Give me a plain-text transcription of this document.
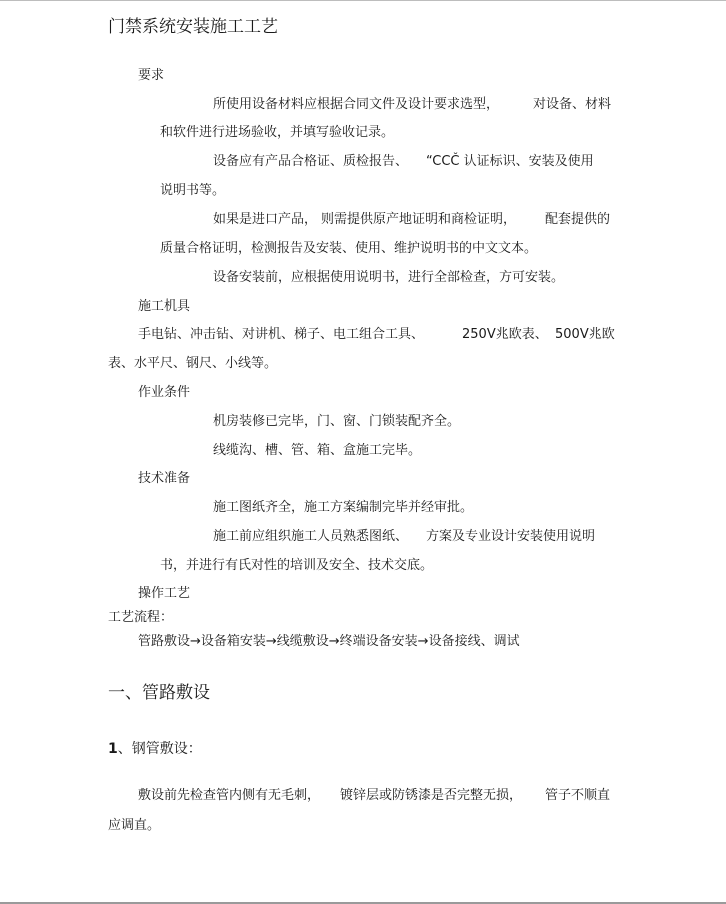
门禁系统安装施工工艺
要求
所使用设备材料应根据合同文件及设计要求选型，	对设备、材料
和软件进行进场验收，并填写验收记录。
设备应有产品合格证、质检报告、 “CCČ 认证标识、安装及使用
说明书等。
如果是进口产品， 则需提供原产地证明和商检证明， 配套提供的
质量合格证明，检测报告及安装、使用、维护说明书的中文文本。
设备安装前，应根据使用说明书，进行全部检查，方可安装。
施工机具
手电钻、冲击钻、对讲机、梯子、电工组合工具、	250V兆欧表、 500V兆欧
表、水平尺、钢尺、小线等。
作业条件
机房装修已完毕，门、窗、门锁装配齐全。
线缆沟、槽、管、箱、盒施工完毕。
技术准备
施工图纸齐全，施工方案编制完毕并经审批。
施工前应组织施工人员熟悉图纸、 方案及专业设计安装使用说明
书，并进行有氏对性的培训及安全、技术交底。
操作工艺
工艺流程：
管路敷设→设备箱安装→线缆敷设→终端设备安装→设备接线、调试
一、管路敷设
1、钢管敷设：
敷设前先检查管内侧有无毛刺， 镀锌层或防锈漆是否完整无损， 管子不顺直
应调直。
